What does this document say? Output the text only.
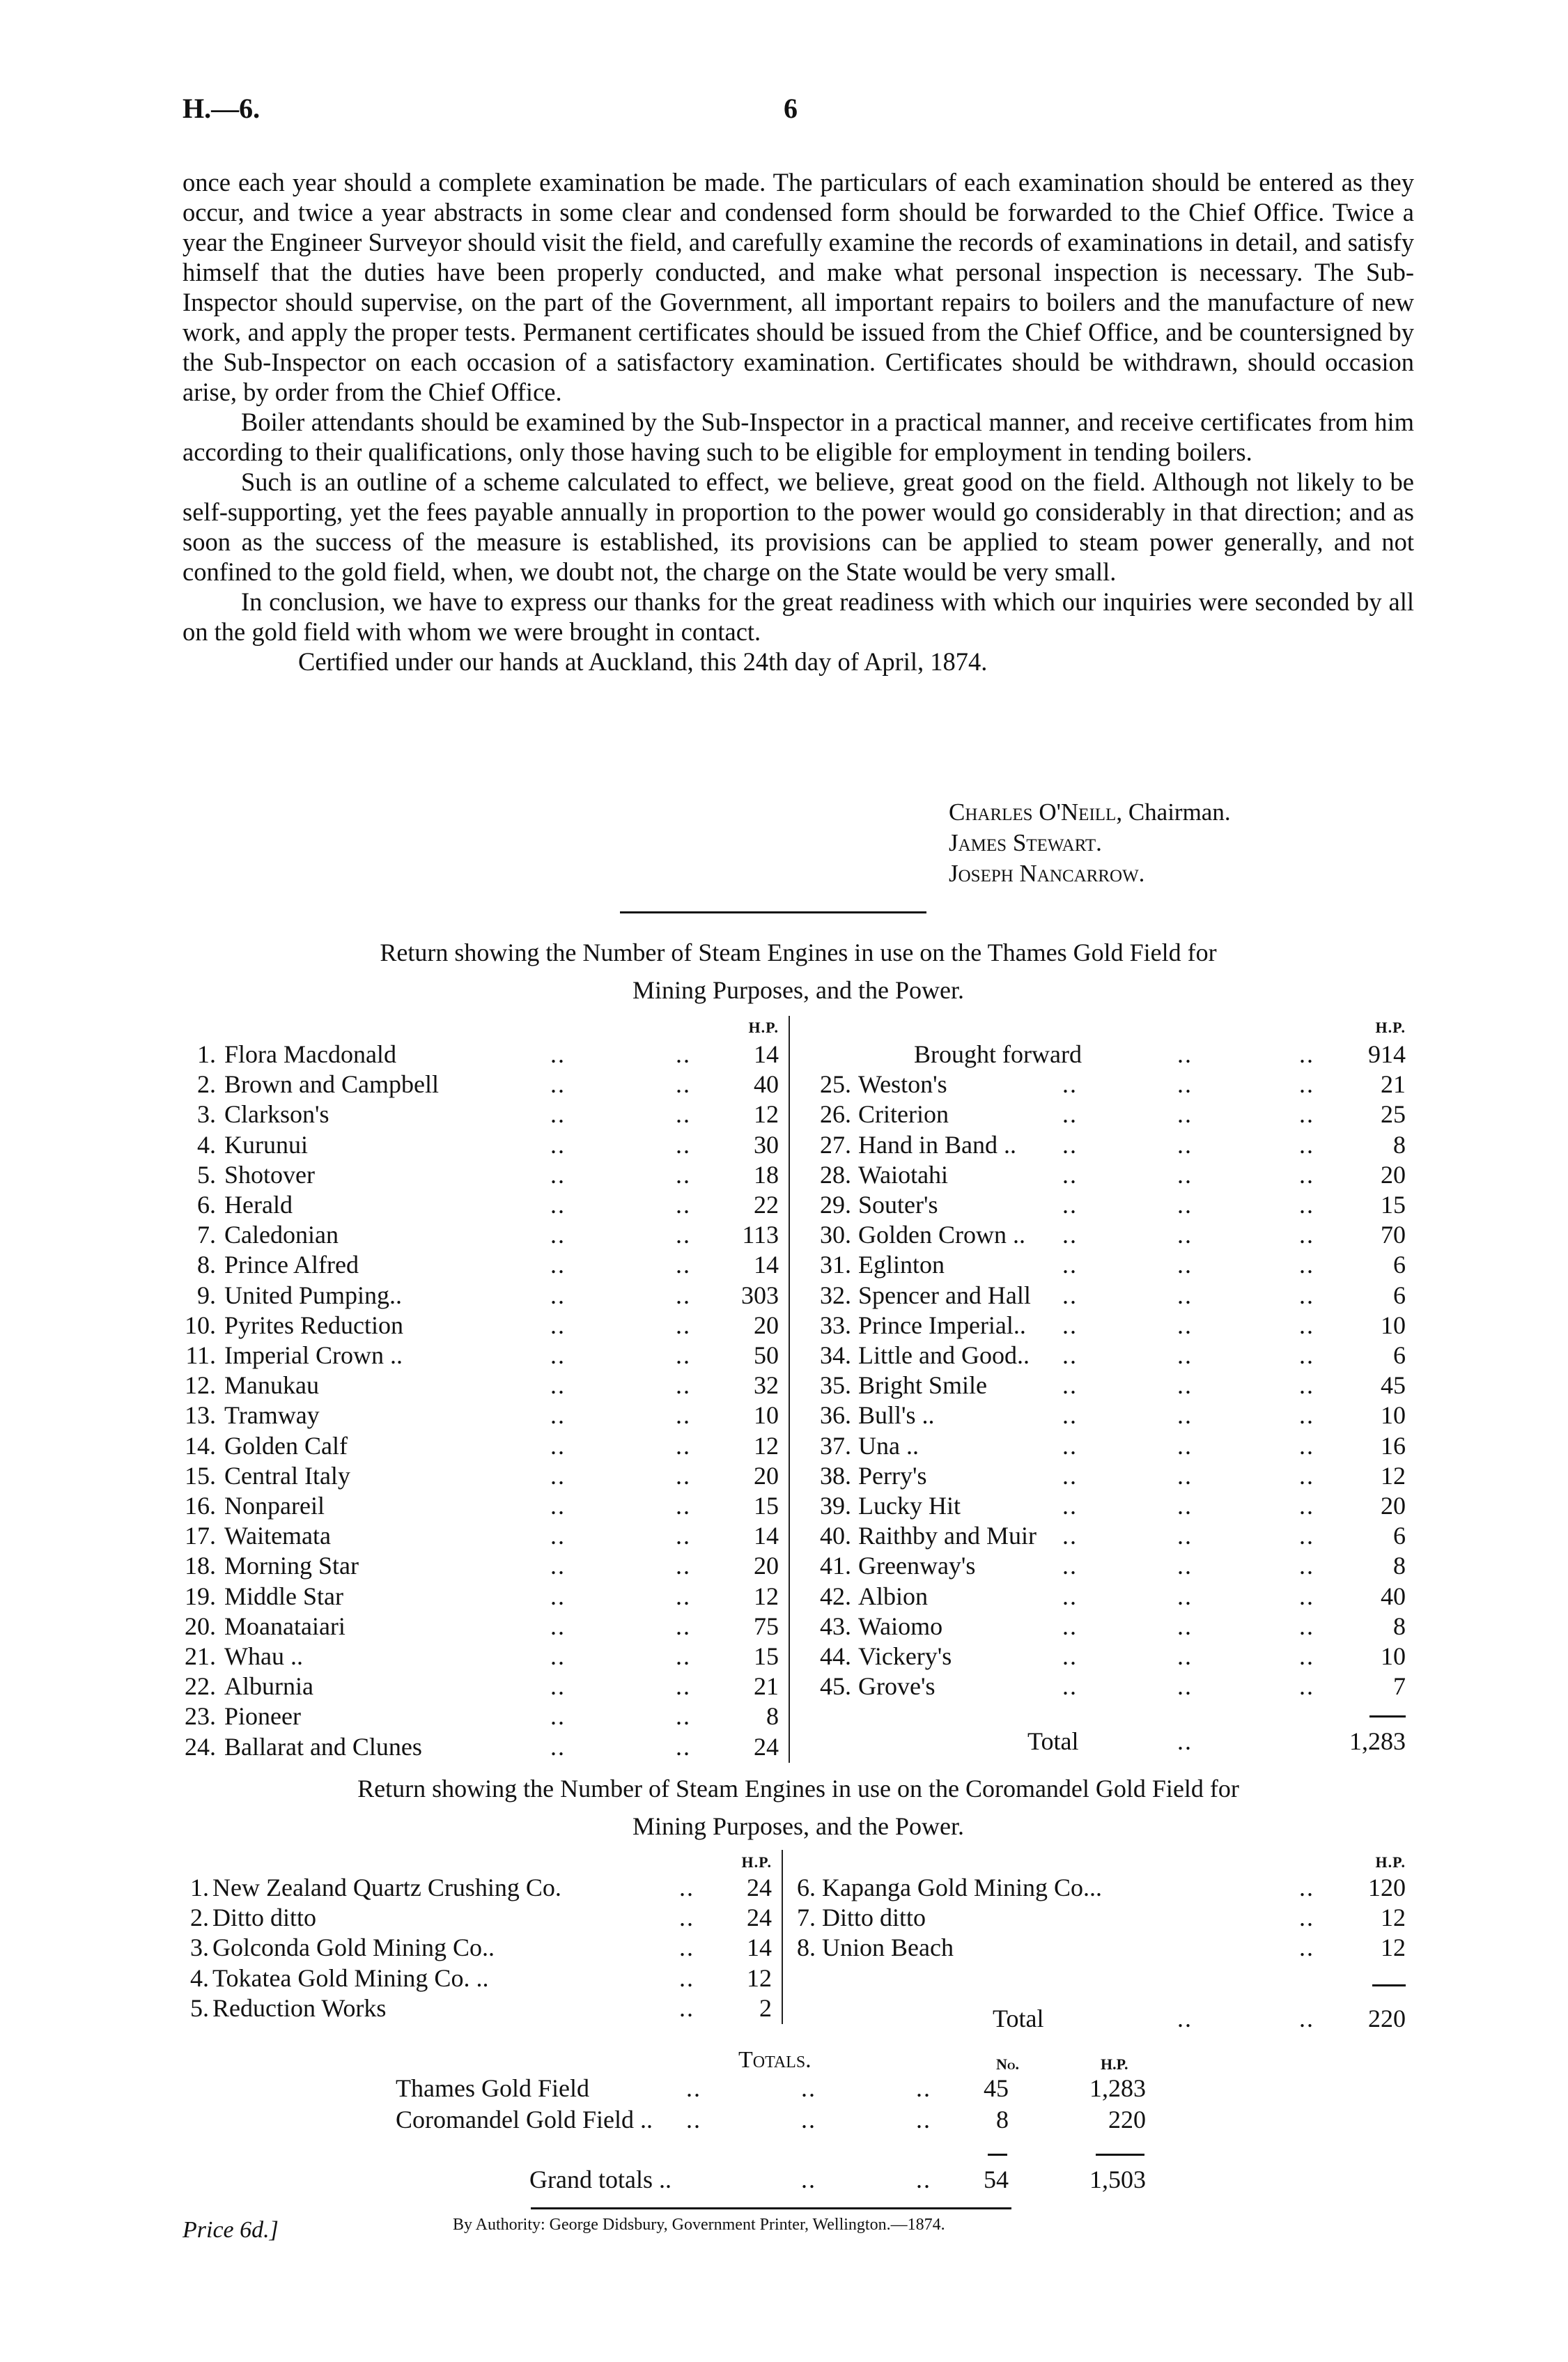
H.—6.	6

once each year should a complete examination be made. The particulars of each examination should be entered as they occur, and twice a year abstracts in some clear and condensed form should be forwarded to the Chief Office. Twice a year the Engineer Surveyor should visit the field, and carefully examine the records of examinations in detail, and satisfy himself that the duties have been properly conducted, and make what personal inspection is necessary. The Sub-Inspector should supervise, on the part of the Government, all important repairs to boilers and the manufacture of new work, and apply the proper tests. Permanent certificates should be issued from the Chief Office, and be countersigned by the Sub-Inspector on each occasion of a satisfactory examination. Certificates should be withdrawn, should occasion arise, by order from the Chief Office.

Boiler attendants should be examined by the Sub-Inspector in a practical manner, and receive certificates from him according to their qualifications, only those having such to be eligible for employment in tending boilers.

Such is an outline of a scheme calculated to effect, we believe, great good on the field. Although not likely to be self-supporting, yet the fees payable annually in proportion to the power would go considerably in that direction; and as soon as the success of the measure is established, its provisions can be applied to steam power generally, and not confined to the gold field, when, we doubt not, the charge on the State would be very small.

In conclusion, we have to express our thanks for the great readiness with which our inquiries were seconded by all on the gold field with whom we were brought in contact.

Certified under our hands at Auckland, this 24th day of April, 1874.

Charles O'Neill, Chairman.
James Stewart.
Joseph Nancarrow.
Return showing the Number of Steam Engines in use on the Thames Gold Field for
Mining Purposes, and the Power.
H.P.	H.P.
1. Flora Macdonald	..	..	14
2. Brown and Campbell	..	..	40
3. Clarkson's	..	..	12
4. Kurunui	..	..	30
5. Shotover	..	..	18
6. Herald	..	..	22
7. Caledonian	..	..	113
8. Prince Alfred	..	..	14
9. United Pumping..	..	..	303
10. Pyrites Reduction	..	..	20
11. Imperial Crown ..	..	..	50
12. Manukau	..	..	32
13. Tramway	..	..	10
14. Golden Calf	..	..	12
15. Central Italy	..	..	20
16. Nonpareil	..	..	15
17. Waitemata	..	..	14
18. Morning Star	..	..	20
19. Middle Star	..	..	12
20. Moanataiari	..	..	75
21. Whau ..	..	..	15
22. Alburnia	..	..	21
23. Pioneer	..	..	8
24. Ballarat and Clunes	..	..	24
Brought forward	..	..	914
25. Weston's	..	..	..	21
26. Criterion	..	..	..	25
27. Hand in Band .. ..	..	..	8
28. Waiotahi	..	..	..	20
29. Souter's	..	..	..	15
30. Golden Crown .. ..	..	..	70
31. Eglinton	..	..	..	6
32. Spencer and Hall ..	..	..	6
33. Prince Imperial.. ..	..	..	10
34. Little and Good.. ..	..	..	6
35. Bright Smile	..	..	..	45
36. Bull's ..	..	..	..	10
37. Una ..	..	..	..	16
38. Perry's	..	..	..	12
39. Lucky Hit	..	..	..	20
40. Raithby and Muir ..	..	..	6
41. Greenway's	..	..	..	8
42. Albion	..	..	..	40
43. Waiomo	..	..	..	8
44. Vickery's	..	..	..	10
45. Grove's	..	..	..	7
Total	..	1,283
Return showing the Number of Steam Engines in use on the Coromandel Gold Field for
Mining Purposes, and the Power.
H.P.	H.P.
1. New Zealand Quartz Crushing Co.	..	24
2. Ditto ditto	..	24
3. Golconda Gold Mining Co..	..	14
4. Tokatea Gold Mining Co. ..	..	12
5. Reduction Works	..	2
6. Kapanga Gold Mining Co...	..	120
7. Ditto ditto	..	12
8. Union Beach	..	12
Total	..	..	220
Totals.	No.	H.P.
Thames Gold Field	..	..	..	45	1,283
Coromandel Gold Field .. ..	..	..	8	220
Grand totals ..	..	..	54	1,503
By Authority: George Didsbury, Government Printer, Wellington.—1874.
Price 6d.]
